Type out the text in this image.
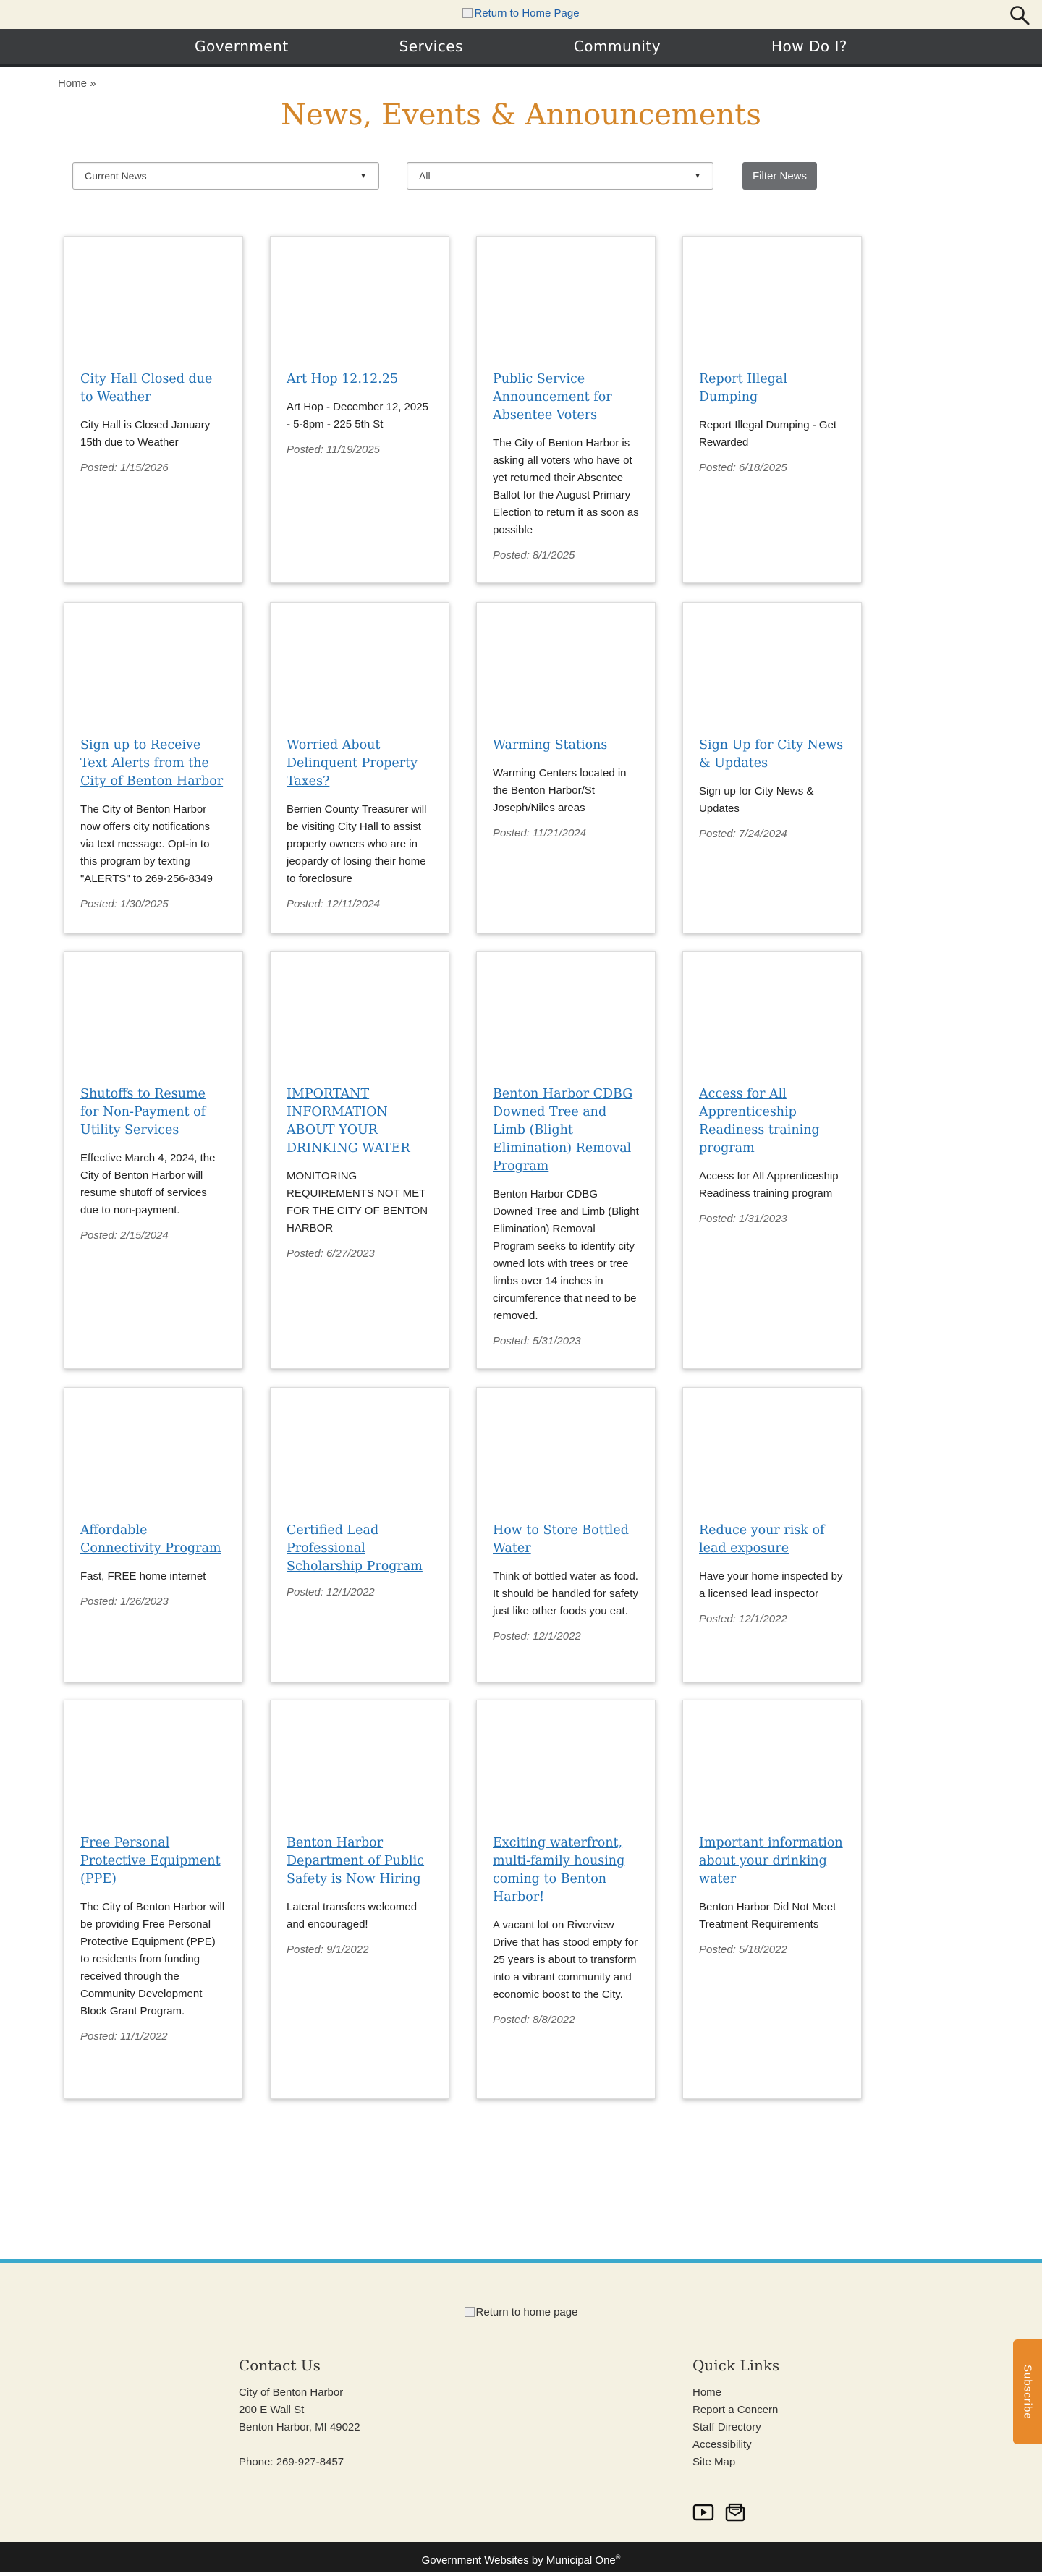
Return to Home Page
Government	Services	Community	How Do I?
Home »
News, Events & Announcements
Current News	▼	All	▼	Filter News
City Hall Closed due to Weather

City Hall is Closed January 15th due to Weather

Posted: 1/15/2026

Art Hop 12.12.25

Art Hop - December 12, 2025 - 5-8pm - 225 5th St

Posted: 11/19/2025

Public Service Announcement for Absentee Voters

The City of Benton Harbor is asking all voters who have ot yet returned their Absentee Ballot for the August Primary Election to return it as soon as possible

Posted: 8/1/2025

Report Illegal Dumping

Report Illegal Dumping - Get Rewarded

Posted: 6/18/2025

Sign up to Receive Text Alerts from the City of Benton Harbor

The City of Benton Harbor now offers city notifications via text message. Opt-in to this program by texting "ALERTS" to 269-256-8349

Posted: 1/30/2025

Worried About Delinquent Property Taxes?

Berrien County Treasurer will be visiting City Hall to assist property owners who are in jeopardy of losing their home to foreclosure

Posted: 12/11/2024

Warming Stations

Warming Centers located in the Benton Harbor/St Joseph/Niles areas

Posted: 11/21/2024

Sign Up for City News & Updates

Sign up for City News & Updates

Posted: 7/24/2024

Shutoffs to Resume for Non-Payment of Utility Services

Effective March 4, 2024, the City of Benton Harbor will resume shutoff of services due to non-payment.

Posted: 2/15/2024

IMPORTANT INFORMATION ABOUT YOUR DRINKING WATER

MONITORING REQUIREMENTS NOT MET FOR THE CITY OF BENTON HARBOR

Posted: 6/27/2023

Benton Harbor CDBG Downed Tree and Limb (Blight Elimination) Removal Program

Benton Harbor CDBG Downed Tree and Limb (Blight Elimination) Removal Program seeks to identify city owned lots with trees or tree limbs over 14 inches in circumference that need to be removed.

Posted: 5/31/2023

Access for All Apprenticeship Readiness training program

Access for All Apprenticeship Readiness training program

Posted: 1/31/2023

Affordable Connectivity Program

Fast, FREE home internet

Posted: 1/26/2023

Certified Lead Professional Scholarship Program

Posted: 12/1/2022

How to Store Bottled Water

Think of bottled water as food. It should be handled for safety just like other foods you eat.

Posted: 12/1/2022

Reduce your risk of lead exposure

Have your home inspected by a licensed lead inspector

Posted: 12/1/2022

Free Personal Protective Equipment (PPE)

The City of Benton Harbor will be providing Free Personal Protective Equipment (PPE) to residents from funding received through the Community Development Block Grant Program.

Posted: 11/1/2022

Benton Harbor Department of Public Safety is Now Hiring

Lateral transfers welcomed and encouraged!

Posted: 9/1/2022

Exciting waterfront, multi-family housing coming to Benton Harbor!

A vacant lot on Riverview Drive that has stood empty for 25 years is about to transform into a vibrant community and economic boost to the City.

Posted: 8/8/2022

Important information about your drinking water

Benton Harbor Did Not Meet Treatment Requirements

Posted: 5/18/2022

Return to home page
Contact Us

City of Benton Harbor

200 E Wall St

Benton Harbor, MI 49022

Phone: 269-927-8457

Quick Links
Home
Report a Concern
Staff Directory
Accessibility
Site Map
Subscribe
Government Websites by Municipal One®
